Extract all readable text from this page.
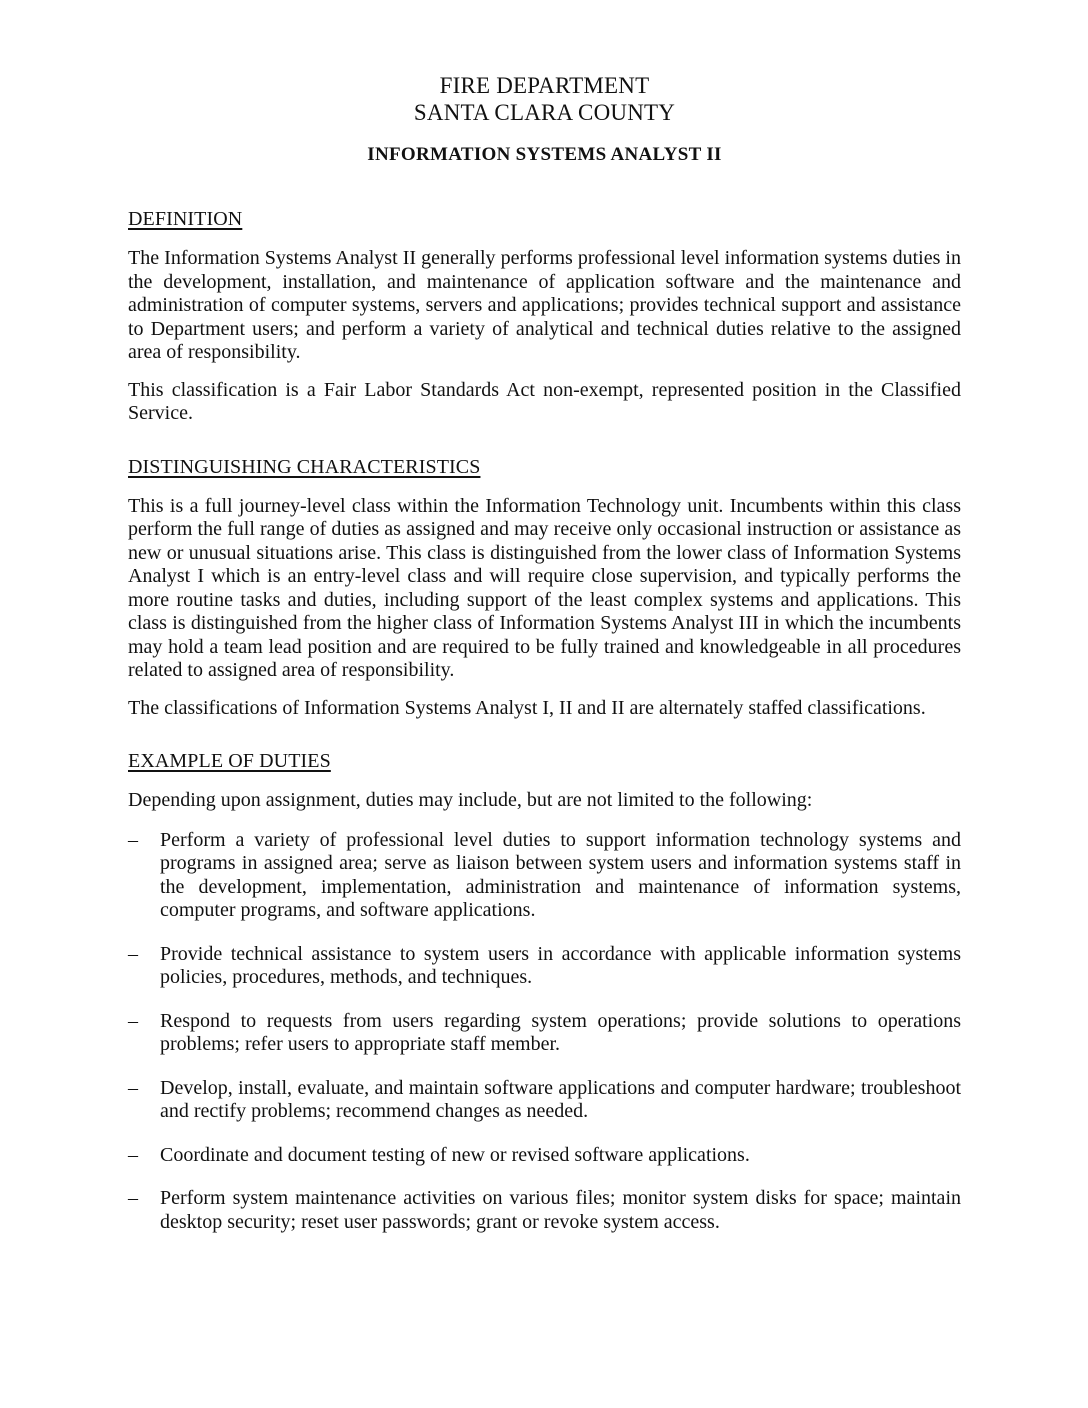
FIRE DEPARTMENT
SANTA CLARA COUNTY
INFORMATION SYSTEMS ANALYST II
DEFINITION

The Information Systems Analyst II generally performs professional level information systems duties in the development, installation, and maintenance of application software and the maintenance and administration of computer systems, servers and applications; provides technical support and assistance to Department users; and perform a variety of analytical and technical duties relative to the assigned area of responsibility.

This classification is a Fair Labor Standards Act non-exempt, represented position in the Classified Service.

DISTINGUISHING CHARACTERISTICS

This is a full journey-level class within the Information Technology unit. Incumbents within this class perform the full range of duties as assigned and may receive only occasional instruction or assistance as new or unusual situations arise. This class is distinguished from the lower class of Information Systems Analyst I which is an entry-level class and will require close supervision, and typically performs the more routine tasks and duties, including support of the least complex systems and applications. This class is distinguished from the higher class of Information Systems Analyst III in which the incumbents may hold a team lead position and are required to be fully trained and knowledgeable in all procedures related to assigned area of responsibility.

The classifications of Information Systems Analyst I, II and II are alternately staffed classifications.

EXAMPLE OF DUTIES

Depending upon assignment, duties may include, but are not limited to the following:

–	Perform a variety of professional level duties to support information technology systems and programs in assigned area; serve as liaison between system users and information systems staff in the development, implementation, administration and maintenance of information systems, computer programs, and software applications.
–	Provide technical assistance to system users in accordance with applicable information systems policies, procedures, methods, and techniques.
–	Respond to requests from users regarding system operations; provide solutions to operations problems; refer users to appropriate staff member.
–	Develop, install, evaluate, and maintain software applications and computer hardware; troubleshoot and rectify problems; recommend changes as needed.
–	Coordinate and document testing of new or revised software applications.
–	Perform system maintenance activities on various files; monitor system disks for space; maintain desktop security; reset user passwords; grant or revoke system access.
